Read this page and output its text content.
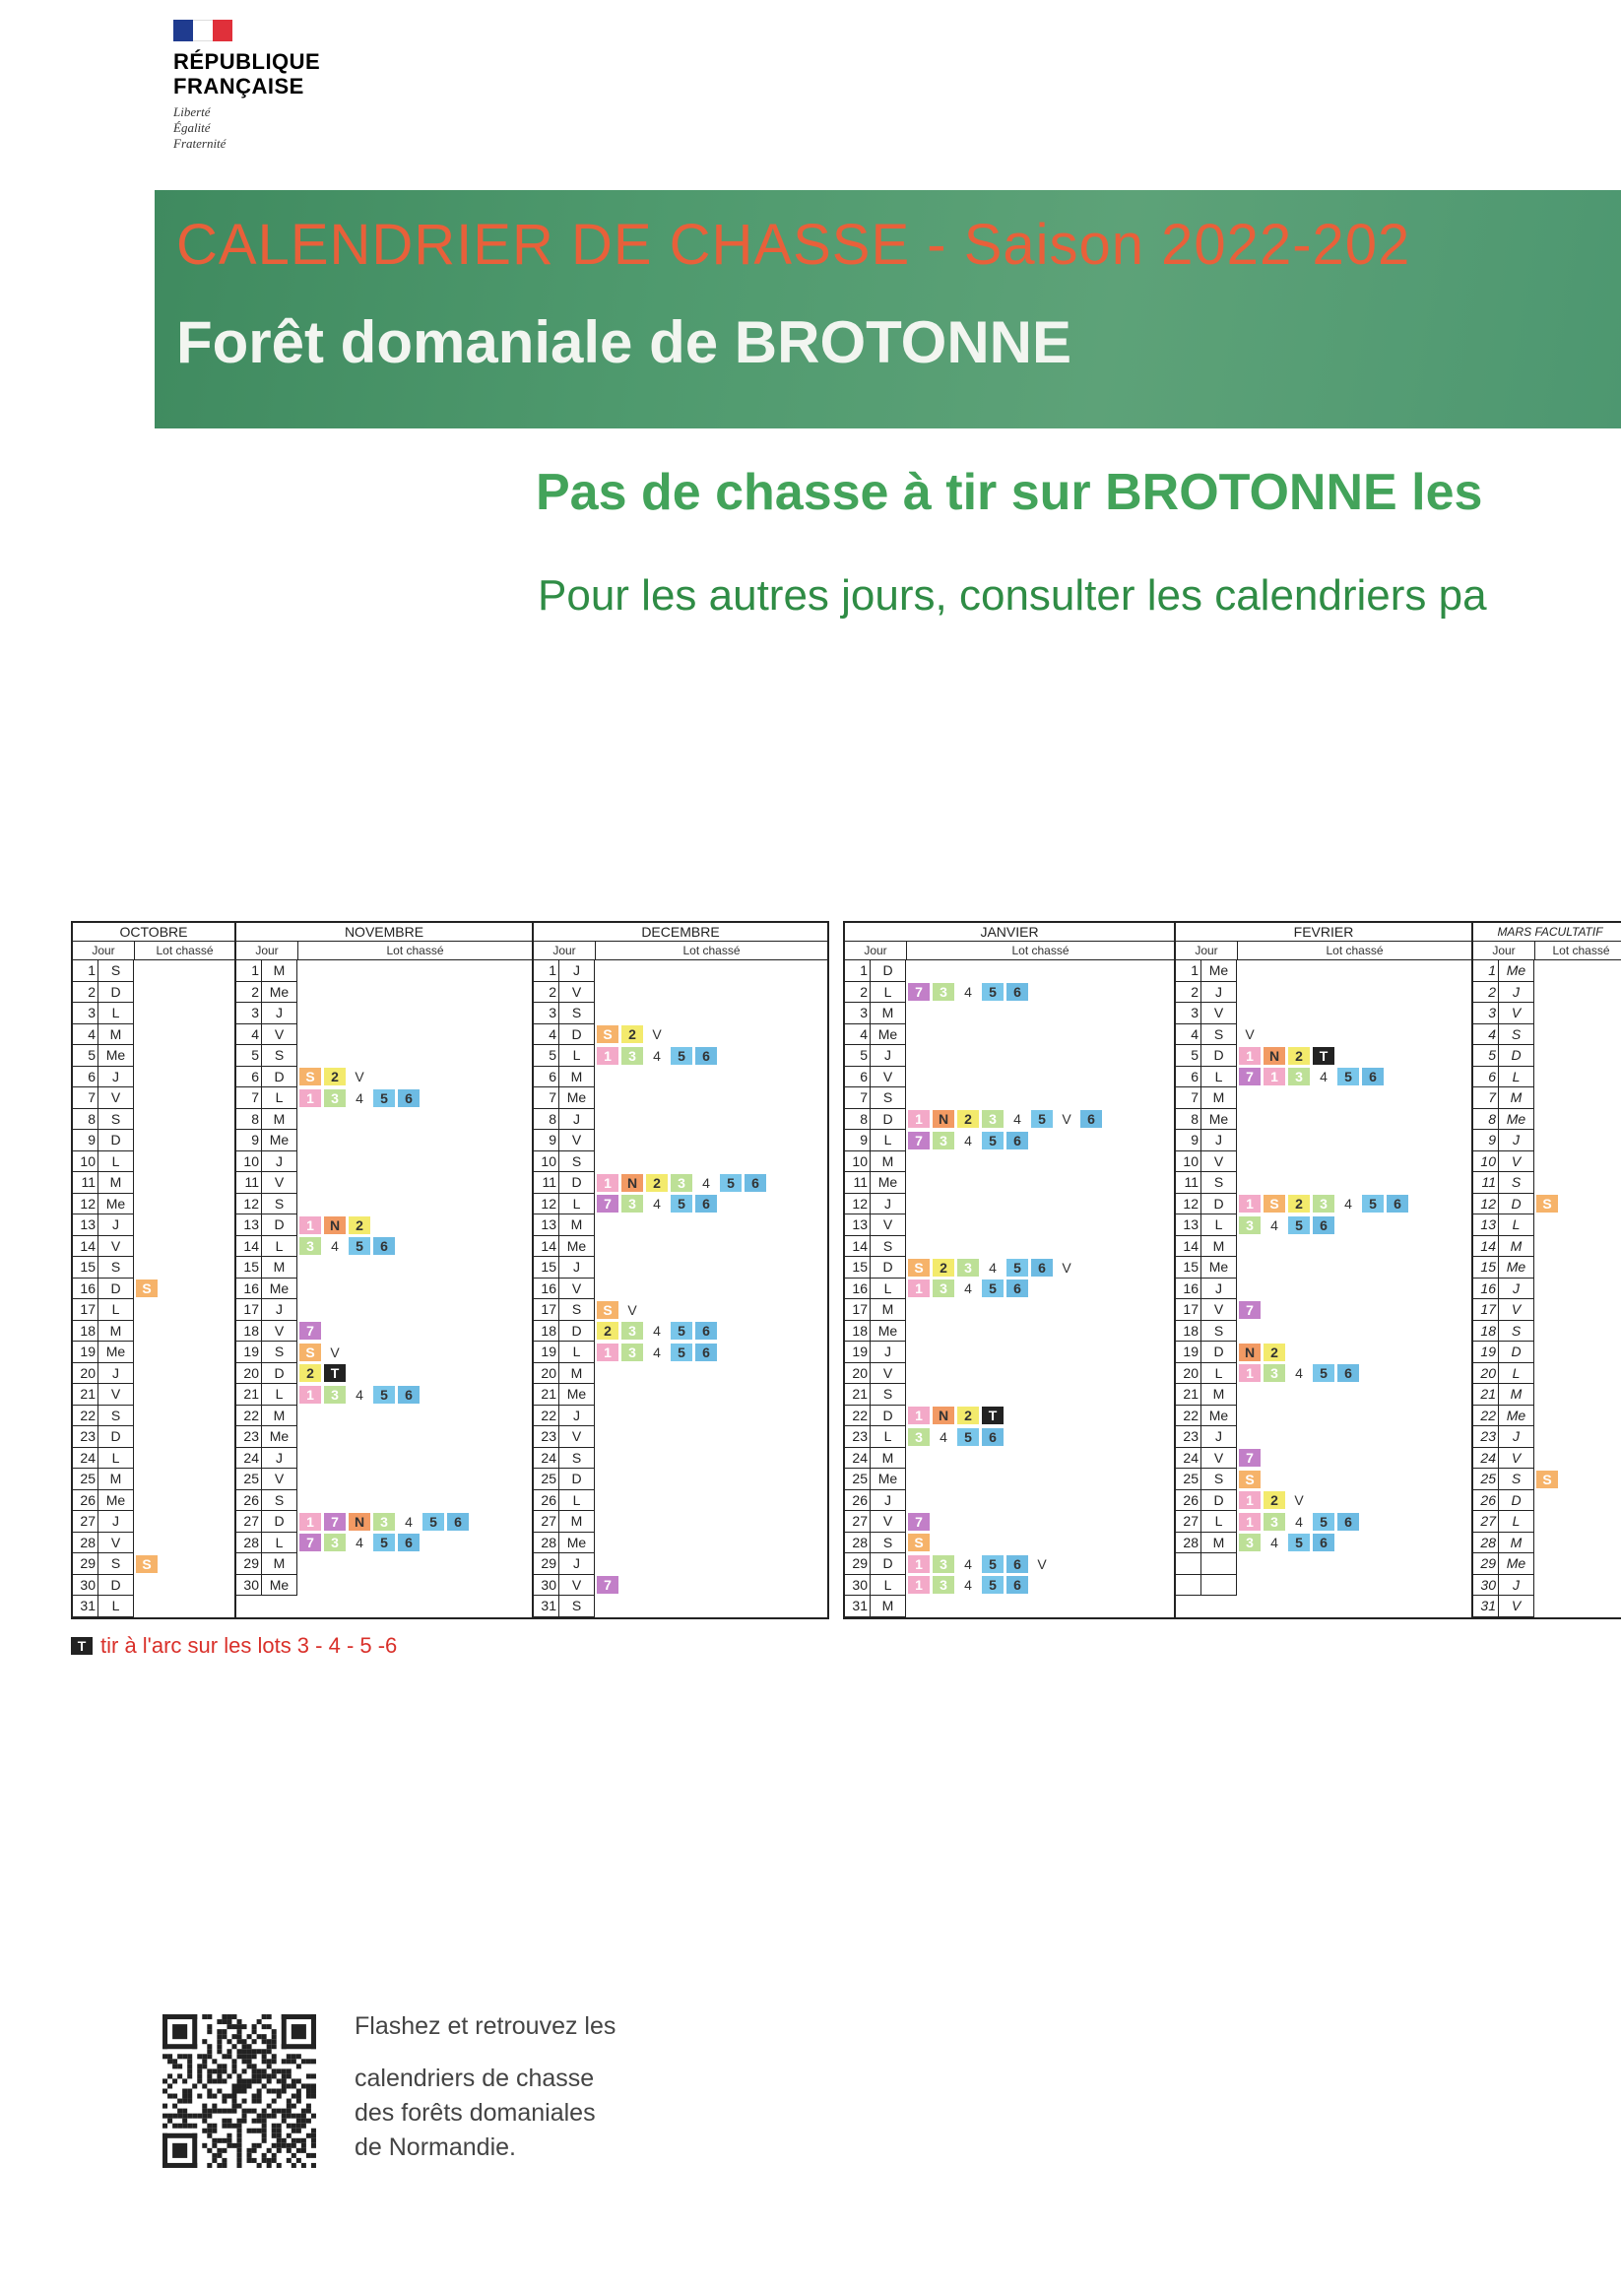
RÉPUBLIQUE
FRANÇAISE
Liberté
Égalité
Fraternité
CALENDRIER DE CHASSE - Saison 2022-202
Forêt domaniale de BROTONNE
Pas de chasse à tir sur BROTONNE les
Pour les autres jours, consulter les calendriers pa
OCTOBRE
Jour	Lot chassé
1	S
2	D
3	L
4	M
5 Me
6	J
7	V
8	S
9	D
10	L
11	M
12 Me
13	J
14	V
15	S
16	D	S
17	L
18	M
19 Me
20	J
21	V
22	S
23	D
24	L
25	M
26 Me
27	J
28	V
29	S	S
30	D
31	L
NOVEMBRE
Jour	Lot chassé
1	M
2 Me
3	J
4	V
5	S
6	D	S	2	V
7	L	1	3	4	5	6
8	M
9 Me
10	J
11	V
12	S
13	D	1	N	2
14	L	3	4	5	6
15	M
16 Me
17	J
18	V	7
19	S	S	V
20	D	2	T
21	L	1	3	4	5	6
22	M
23 Me
24	J
25	V
26	S
27	D	1	7	N	3	4	5	6
28	L	7	3	4	5	6
29	M
30 Me
DECEMBRE
Jour	Lot chassé
1	J
2	V
3	S
4	D	S	2	V
5	L	1	3	4	5	6
6	M
7 Me
8	J
9	V
10	S
11	D	1	N	2	3	4	5	6
12	L	7	3	4	5	6
13	M
14 Me
15	J
16	V
17	S	S	V
18	D	2	3	4	5	6
19	L	1	3	4	5	6
20	M
21 Me
22	J
23	V
24	S
25	D
26	L
27	M
28 Me
29	J
30	V	7
31	S
JANVIER
Jour	Lot chassé
1	D
2	L	7	3	4	5	6
3	M
4 Me
5	J
6	V
7	S
8	D	1	N	2	3	4	5	V	6
9	L	7	3	4	5	6
10	M
11 Me
12	J
13	V
14	S
15	D	S	2	3	4	5	6	V
16	L	1	3	4	5	6
17	M
18 Me
19	J
20	V
21	S
22	D	1	N	2	T
23	L	3	4	5	6
24	M
25 Me
26	J
27	V	7
28	S	S
29	D	1	3	4	5	6	V
30	L	1	3	4	5	6
31	M
FEVRIER
Jour	Lot chassé
1 Me
2	J
3	V
4	S	V
5	D	1	N	2	T
6	L	7	1	3	4	5	6
7	M
8 Me
9	J
10	V
11	S
12	D	1	S	2	3	4	5	6
13	L	3	4	5	6
14	M
15 Me
16	J
17	V	7
18	S
19	D	N	2
20	L	1	3	4	5	6
21	M
22 Me
23	J
24	V	7
25	S	S
26	D	1	2	V
27	L	1	3	4	5	6
28	M	3	4	5	6
MARS FACULTATIF
Jour	Lot chassé
1 Me
2	J
3	V
4	S
5	D
6	L
7	M
8 Me
9	J
10	V
11	S
12	D	S
13	L
14	M
15 Me
16	J
17	V
18	S
19	D
20	L
21	M
22 Me
23	J
24	V
25	S	S
26	D
27	L
28	M
29 Me
30	J
31	V
T tir à l'arc sur les lots 3 - 4 - 5 -6
Flashez et retrouvez les
calendriers de chasse
des forêts domaniales
de Normandie.
